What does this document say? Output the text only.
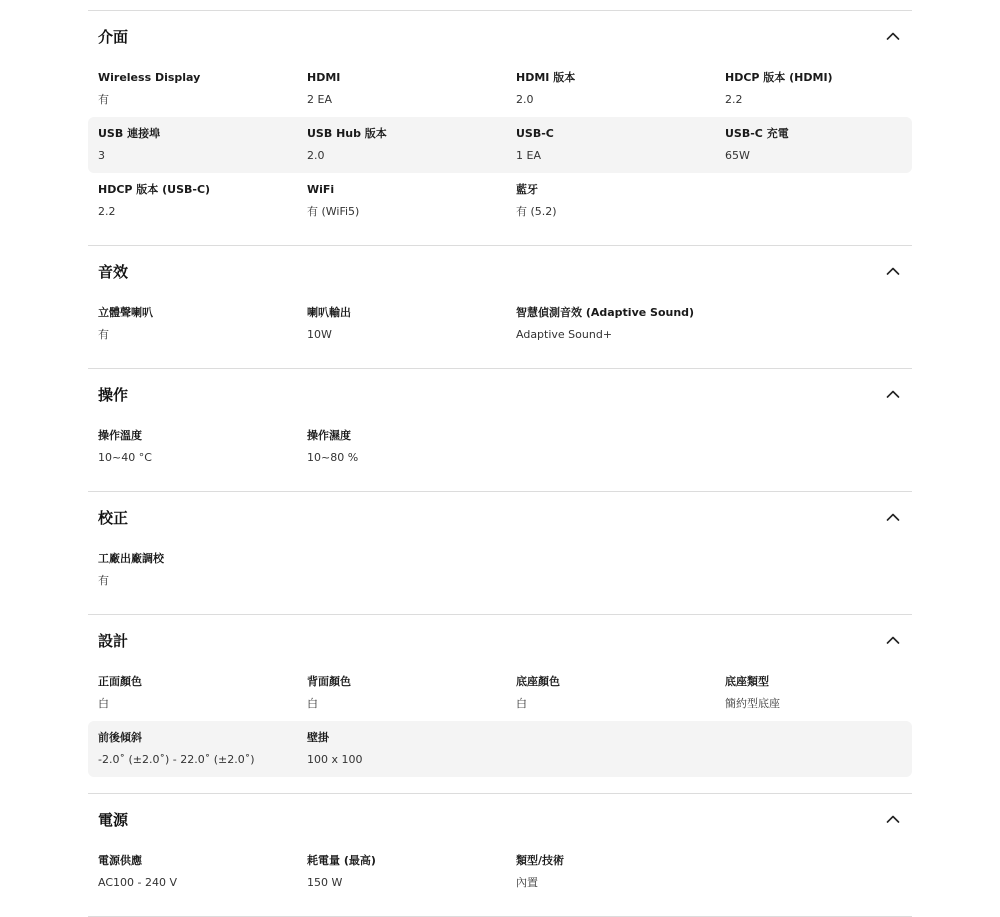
介面
Wireless Display
有
HDMI
2 EA
HDMI 版本
2.0
HDCP 版本 (HDMI)
2.2
USB 連接埠
3
USB Hub 版本
2.0
USB-C
1 EA
USB-C 充電
65W
HDCP 版本 (USB-C)
2.2
WiFi
有 (WiFi5)
藍牙
有 (5.2)
音效
立體聲喇叭
有
喇叭輸出
10W
智慧偵測音效 (Adaptive Sound)
Adaptive Sound+
操作
操作溫度
10~40 °C
操作濕度
10~80 %
校正
工廠出廠調校
有
設計
正面顏色
白
背面顏色
白
底座顏色
白
底座類型
簡約型底座
前後傾斜
-2.0˚ (±2.0˚) - 22.0˚ (±2.0˚)
壁掛
100 x 100
電源
電源供應
AC100 - 240 V
耗電量 (最高)
150 W
類型/技術
內置
